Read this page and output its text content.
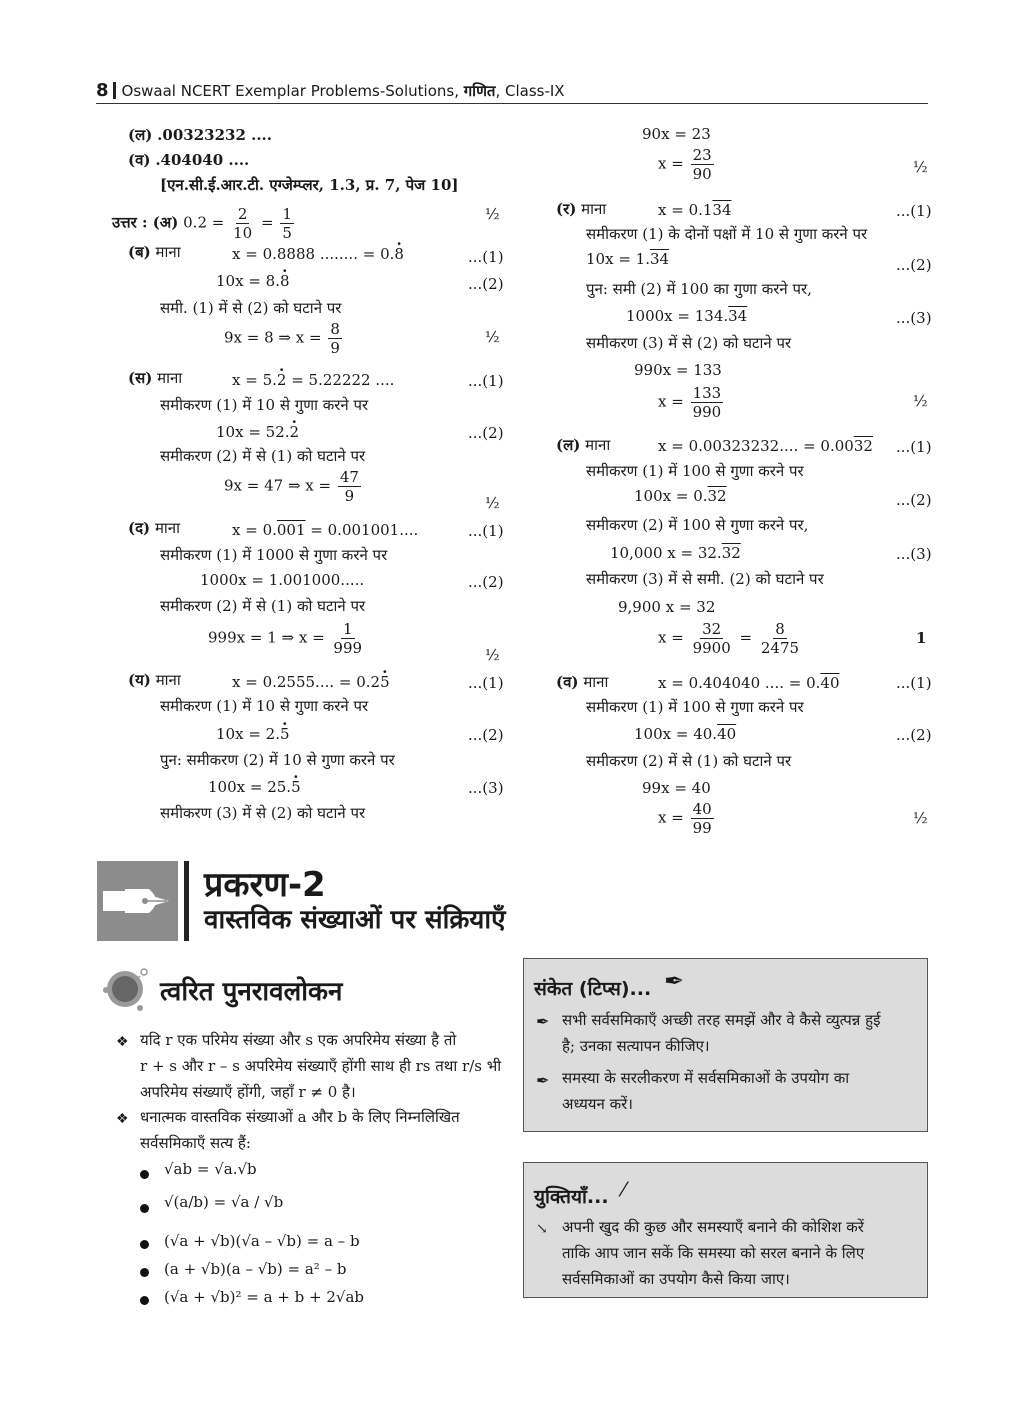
8 Oswaal NCERT Exemplar Problems-Solutions, गणित, Class-IX
(ल) .00323232 ....
(व) .404040 ....
[एन.सी.ई.आर.टी. एग्जेम्प्लर, 1.3, प्र. 7, पेज 10]
उत्तर : (अ) $0.2 = \frac{2}{10} = \frac{1}{5}$	½
(ब) माना	x = 0.8888 ........ = 0.· 8	...(1)
10x = 8.· 8	...(2)
समी. (1) में से (2) को घटाने पर
9x = 8 ⇒ $x = \frac{8}{9}$	½
(स) माना	x = 5.· 2 = 5.22222 ....	...(1)
समीकरण (1) में 10 से गुणा करने पर
10x = 52.· 2	...(2)
समीकरण (2) में से (1) को घटाने पर
9x = 47 ⇒ $x = \frac{47}{9}$	½
(द) माना	x = 0.001 = 0.001001....	...(1)
समीकरण (1) में 1000 से गुणा करने पर
1000x = 1.001000.....	...(2)
समीकरण (2) में से (1) को घटाने पर
999x = 1 ⇒ $x = \frac{1}{999}$	½
(य) माना	x = 0.2555.... = 0.2· 5	...(1)
समीकरण (1) में 10 से गुणा करने पर
10x = 2.· 5	...(2)
पुन: समीकरण (2) में 10 से गुणा करने पर
100x = 25.· 5	...(3)
समीकरण (3) में से (2) को घटाने पर
90x = 23
$x = \frac{23}{90}$	½
(र) माना	x = 0.134	...(1)
समीकरण (1) के दोनों पक्षों में 10 से गुणा करने पर
10x = 1.34	...(2)
पुन: समी (2) में 100 का गुणा करने पर,
1000x = 134.34	...(3)
समीकरण (3) में से (2) को घटाने पर
990x = 133
$x = \frac{133}{990}$	½
(ल) माना	x = 0.00323232.... = 0.0032 ...(1)
समीकरण (1) में 100 से गुणा करने पर
100x = 0.32	...(2)
समीकरण (2) में 100 से गुणा करने पर,
10,000 x = 32.32	...(3)
समीकरण (3) में से समी. (2) को घटाने पर
9,900 x = 32
$x = \frac{32}{9900} = \frac{8}{2475}$	1
(व) माना	x = 0.404040 .... = 0.40	...(1)
समीकरण (1) में 100 से गुणा करने पर
100x = 40.40	...(2)
समीकरण (2) में से (1) को घटाने पर
99x = 40
$x = \frac{40}{99}$	½
प्रकरण-2
वास्तविक संख्याओं पर संक्रियाएँ
त्वरित पुनरावलोकन
❖ यदि r एक परिमेय संख्या और s एक अपरिमेय संख्या है तो
r + s और r – s अपरिमेय संख्याएँ होंगी साथ ही rs तथा r/s भी
अपरिमेय संख्याएँ होंगी, जहाँ r ≠ 0 है।
❖ धनात्मक वास्तविक संख्याओं a और b के लिए निम्नलिखित
सर्वसमिकाएँ सत्य हैं:
√ab = √a.√b
√(a/b) = √a / √b
(√a + √b)(√a – √b) = a – b
(a + √b)(a – √b) = a² – b
(√a + √b)² = a + b + 2√ab
संकेत (टिप्स)... ✒
✒ सभी सर्वसमिकाएँ अच्छी तरह समझें और वे कैसे व्युत्पन्न हुई
है; उनका सत्यापन कीजिए।
✒ समस्या के सरलीकरण में सर्वसमिकाओं के उपयोग का
अध्ययन करें।
युक्तियाँ... ⁄
↘ अपनी खुद की कुछ और समस्याएँ बनाने की कोशिश करें
ताकि आप जान सकें कि समस्या को सरल बनाने के लिए
सर्वसमिकाओं का उपयोग कैसे किया जाए।
